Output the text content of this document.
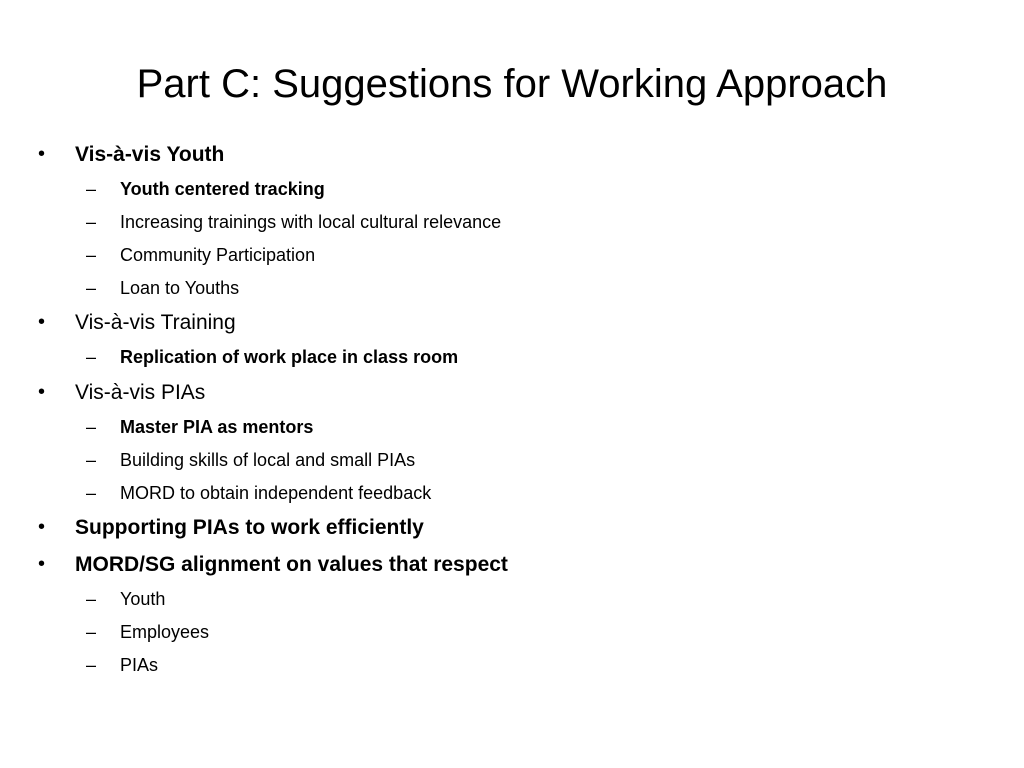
Part C: Suggestions for Working Approach
• Vis-à-vis Youth
– Youth centered tracking
– Increasing trainings with local cultural relevance
– Community Participation
– Loan to Youths
• Vis-à-vis Training
– Replication of work place in class room
• Vis-à-vis PIAs
– Master PIA as mentors
– Building skills of local and small PIAs
– MORD to obtain independent feedback
• Supporting PIAs to work efficiently
• MORD/SG alignment on values that respect
– Youth
– Employees
– PIAs
